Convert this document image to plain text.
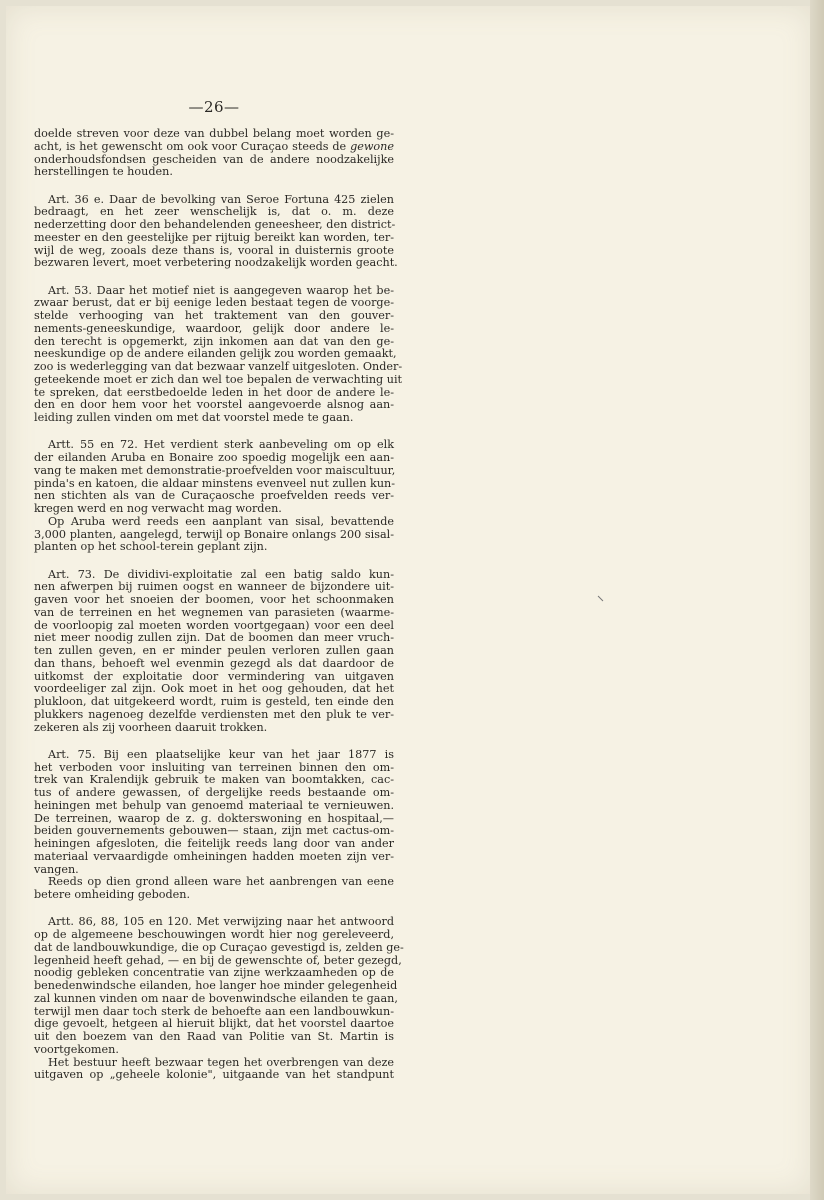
—26—
doelde streven voor deze van dubbel belang moet worden ge-
acht, is het gewenscht om ook voor Curaçao steeds de gewone
onderhoudsfondsen gescheiden van de andere noodzakelijke
herstellingen te houden.
Art. 36 e. Daar de bevolking van Seroe Fortuna 425 zielen
bedraagt, en het zeer wenschelijk is, dat o. m. deze
nederzetting door den behandelenden geneesheer, den district-
meester en den geestelijke per rijtuig bereikt kan worden, ter-
wijl de weg, zooals deze thans is, vooral in duisternis groote
bezwaren levert, moet verbetering noodzakelijk worden geacht.
Art. 53. Daar het motief niet is aangegeven waarop het be-
zwaar berust, dat er bij eenige leden bestaat tegen de voorge-
stelde verhooging van het traktement van den gouver-
nements-geneeskundige, waardoor, gelijk door andere le-
den terecht is opgemerkt, zijn inkomen aan dat van den ge-
neeskundige op de andere eilanden gelijk zou worden gemaakt,
zoo is wederlegging van dat bezwaar vanzelf uitgesloten. Onder-
geteekende moet er zich dan wel toe bepalen de verwachting uit
te spreken, dat eerstbedoelde leden in het door de andere le-
den en door hem voor het voorstel aangevoerde alsnog aan-
leiding zullen vinden om met dat voorstel mede te gaan.
Artt. 55 en 72. Het verdient sterk aanbeveling om op elk
der eilanden Aruba en Bonaire zoo spoedig mogelijk een aan-
vang te maken met demonstratie-proefvelden voor maiscultuur,
pinda's en katoen, die aldaar minstens evenveel nut zullen kun-
nen stichten als van de Curaçaosche proefvelden reeds ver-
kregen werd en nog verwacht mag worden.
Op Aruba werd reeds een aanplant van sisal, bevattende
3,000 planten, aangelegd, terwijl op Bonaire onlangs 200 sisal-
planten op het school-terein geplant zijn.
Art. 73. De dividivi-exploitatie zal een batig saldo kun-
nen afwerpen bij ruimen oogst en wanneer de bijzondere uit-
gaven voor het snoeien der boomen, voor het schoonmaken
van de terreinen en het wegnemen van parasieten (waarme-
de voorloopig zal moeten worden voortgegaan) voor een deel
niet meer noodig zullen zijn. Dat de boomen dan meer vruch-
ten zullen geven, en er minder peulen verloren zullen gaan
dan thans, behoeft wel evenmin gezegd als dat daardoor de
uitkomst der exploitatie door vermindering van uitgaven
voordeeliger zal zijn. Ook moet in het oog gehouden, dat het
plukloon, dat uitgekeerd wordt, ruim is gesteld, ten einde den
plukkers nagenoeg dezelfde verdiensten met den pluk te ver-
zekeren als zij voorheen daaruit trokken.
Art. 75. Bij een plaatselijke keur van het jaar 1877 is
het verboden voor insluiting van terreinen binnen den om-
trek van Kralendijk gebruik te maken van boomtakken, cac-
tus of andere gewassen, of dergelijke reeds bestaande om-
heiningen met behulp van genoemd materiaal te vernieuwen.
De terreinen, waarop de z. g. dokterswoning en hospitaal,—
beiden gouvernements gebouwen— staan, zijn met cactus-om-
heiningen afgesloten, die feitelijk reeds lang door van ander
materiaal vervaardigde omheiningen hadden moeten zijn ver-
vangen.
Reeds op dien grond alleen ware het aanbrengen van eene
betere omheiding geboden.
Artt. 86, 88, 105 en 120. Met verwijzing naar het antwoord
op de algemeene beschouwingen wordt hier nog gereleveerd,
dat de landbouwkundige, die op Curaçao gevestigd is, zelden ge-
legenheid heeft gehad, — en bij de gewenschte of, beter gezegd,
noodig gebleken concentratie van zijne werkzaamheden op de
benedenwindsche eilanden, hoe langer hoe minder gelegenheid
zal kunnen vinden om naar de bovenwindsche eilanden te gaan,
terwijl men daar toch sterk de behoefte aan een landbouwkun-
dige gevoelt, hetgeen al hieruit blijkt, dat het voorstel daartoe
uit den boezem van den Raad van Politie van St. Martin is
voortgekomen.
Het bestuur heeft bezwaar tegen het overbrengen van deze
uitgaven op „geheele kolonie", uitgaande van het standpunt
